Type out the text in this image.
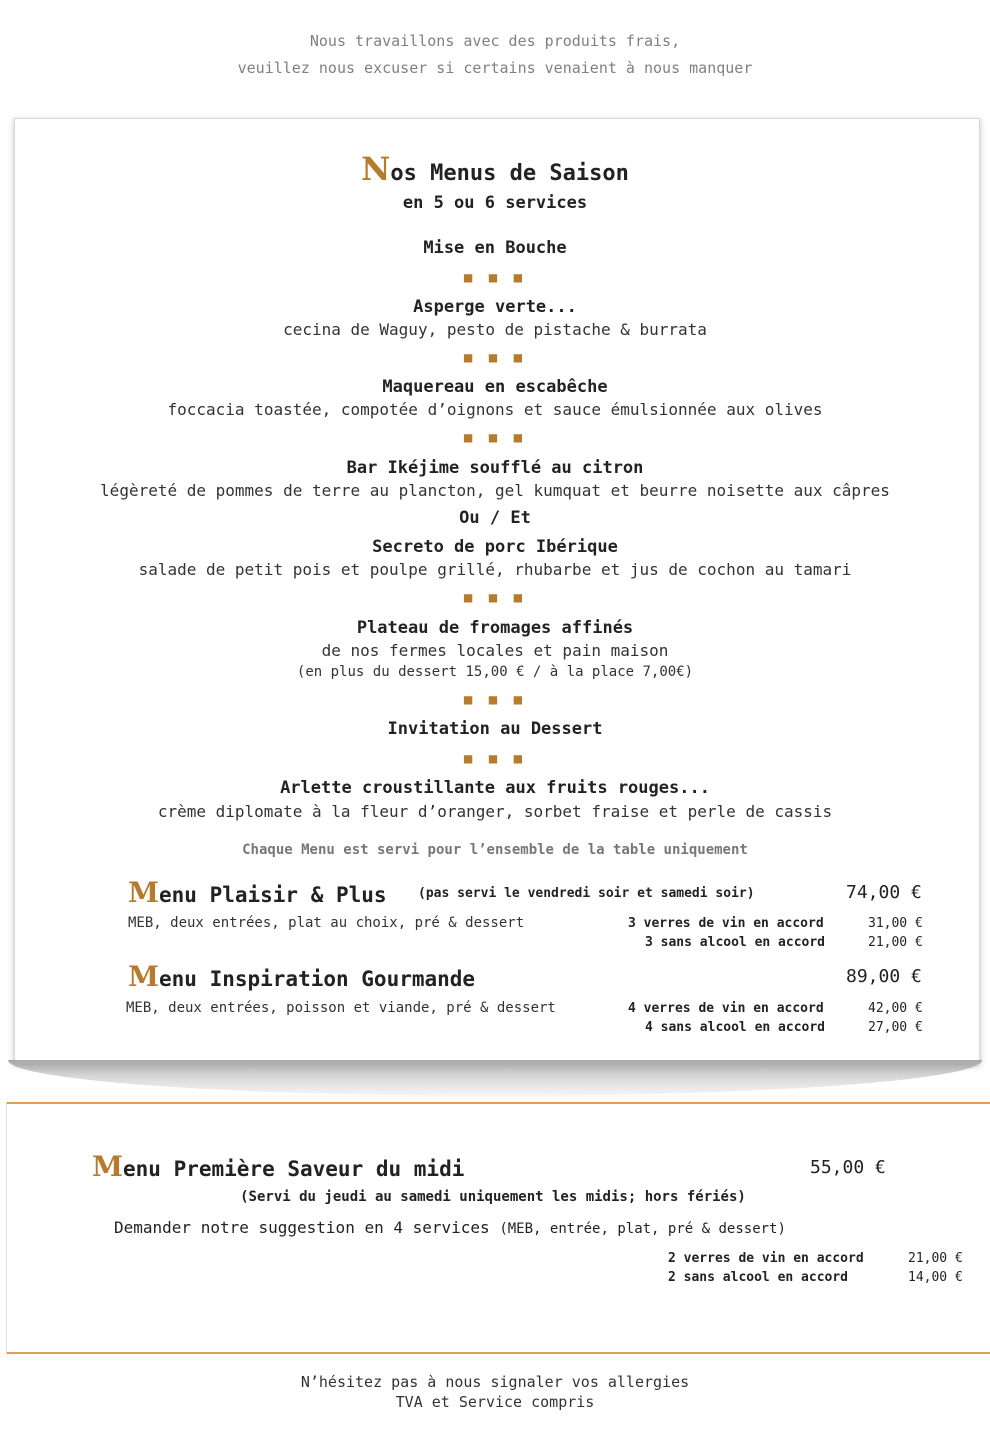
Nous travaillons avec des produits frais,
veuillez nous excuser si certains venaient à nous manquer
Nos Menus de Saison
en 5 ou 6 services
Mise en Bouche
■ ■ ■
Asperge verte...
cecina de Waguy, pesto de pistache & burrata
■ ■ ■
Maquereau en escabêche
foccacia toastée, compotée d’oignons et sauce émulsionnée aux olives
■ ■ ■
Bar Ikéjime soufflé au citron
légèreté de pommes de terre au plancton, gel kumquat et beurre noisette aux câpres
Ou / Et
Secreto de porc Ibérique
salade de petit pois et poulpe grillé, rhubarbe et jus de cochon au tamari
■ ■ ■
Plateau de fromages affinés
de nos fermes locales et pain maison
(en plus du dessert 15,00 € / à la place 7,00€)
■ ■ ■
Invitation au Dessert
■ ■ ■
Arlette croustillante aux fruits rouges...
crème diplomate à la fleur d’oranger, sorbet fraise et perle de cassis
Chaque Menu est servi pour l’ensemble de la table uniquement
Menu Plaisir & Plus (pas servi le vendredi soir et samedi soir)	74,00 €
MEB, deux entrées, plat au choix, pré & dessert	3 verres de vin en accord	31,00 €
3 sans alcool en accord	21,00 €
Menu Inspiration Gourmande	89,00 €
MEB, deux entrées, poisson et viande, pré & dessert	4 verres de vin en accord	42,00 €
4 sans alcool en accord	27,00 €
Menu Première Saveur du midi	55,00 €
(Servi du jeudi au samedi uniquement les midis; hors fériés)
Demander notre suggestion en 4 services (MEB, entrée, plat, pré & dessert)
2 verres de vin en accord	21,00 €
2 sans alcool en accord	14,00 €
N’hésitez pas à nous signaler vos allergies
TVA et Service compris
